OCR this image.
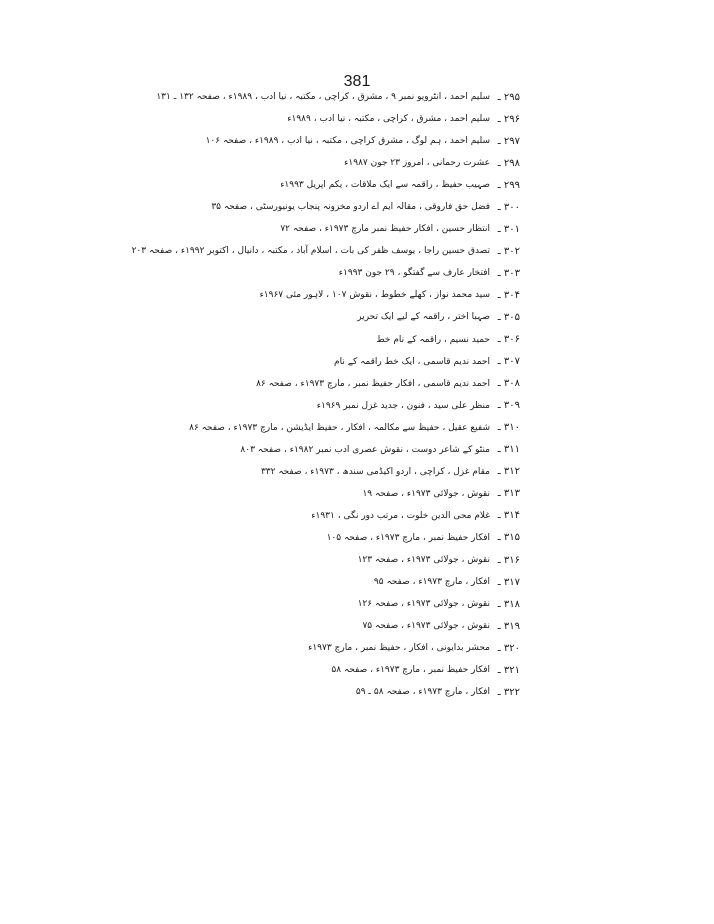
381
۲۹۵ ـ
سلیم احمد ، انٹرویو نمبر ۹ ، مشرق ، کراچی ، مکتبہ ، نیا ادب ، ۱۹۸۹ء ، صفحہ ۱۳۲ ـ ۱۳۱
۲۹۶ ـ
سلیم احمد ، مشرق ، کراچی ، مکتبہ ، نیا ادب ، ۱۹۸۹ء
۲۹۷ ـ
سلیم احمد ، ہم لوگ ، مشرق کراچی ، مکتبہ ، نیا ادب ، ۱۹۸۹ء ، صفحہ ۱۰۶
۲۹۸ ـ
عشرت رحمانی ، امروز ۲۳ جون ۱۹۸۷ء
۲۹۹ ـ
صہیب حفیظ ، راقمہ سے ایک ملاقات ، یکم اپریل ۱۹۹۳ء
۳۰۰ ـ
فضل حق فاروقی ، مقالہ ایم اے اردو مخزونہ پنجاب یونیورسٹی ، صفحہ ۳۵
۳۰۱ ـ
انتظار حسین ، افکار حفیظ نمبر مارچ ۱۹۷۳ء ، صفحہ ۷۲
۳۰۲ ـ
تصدق حسین راجا ، یوسف ظفر کی بات ، اسلام آباد ، مکتبہ ، دانیال ، اکتوبر ۱۹۹۲ء ، صفحہ ۲۰۳
۳۰۳ ـ
افتخار عارف سے گفتگو ، ۲۹ جون ۱۹۹۳ء
۳۰۴ ـ
سید محمد نواز ، کھلے خطوط ، نقوش ۱۰۷ ، لاہور مئی ۱۹۶۷ء
۳۰۵ ـ
صہبا اختر ، راقمہ کے لیے ایک تحریر
۳۰۶ ـ
حمید نسیم ، راقمہ کے نام خط
۳۰۷ ـ
احمد ندیم قاسمی ، ایک خط راقمہ کے نام
۳۰۸ ـ
احمد ندیم قاسمی ، افکار حفیظ نمبر ، مارچ ۱۹۷۳ء ، صفحہ ۸۶
۳۰۹ ـ
منظر علی سید ، فنون ، جدید غزل نمبر ۱۹۶۹ء
۳۱۰ ـ
شفیع عقیل ، حفیظ سے مکالمہ ، افکار ، حفیظ ایڈیشن ، مارچ ۱۹۷۳ء ، صفحہ ۸۶
۳۱۱ ـ
منٹو کے شاعر دوست ، نقوش عصری ادب نمبر ۱۹۸۲ء ، صفحہ ۸۰۳
۳۱۲ ـ
مقام غزل ، کراچی ، اردو اکیڈمی سندھ ، ۱۹۷۳ء ، صفحہ ۳۳۲
۳۱۳ ـ
نقوش ، جولائی ۱۹۷۳ء ، صفحہ ۱۹
۳۱۴ ـ
غلام محی الدین خلوت ، مرتب دور نگی ، ۱۹۳۱ء
۳۱۵ ـ
افکار حفیظ نمبر ، مارچ ۱۹۷۳ء ، صفحہ ۱۰۵
۳۱۶ ـ
نقوش ، جولائی ۱۹۷۳ء ، صفحہ ۱۲۳
۳۱۷ ـ
افکار ، مارچ ۱۹۷۳ء ، صفحہ ۹۵
۳۱۸ ـ
نقوش ، جولائی ۱۹۷۳ء ، صفحہ ۱۲۶
۳۱۹ ـ
نقوش ، جولائی ۱۹۷۳ء ، صفحہ ۷۵
۳۲۰ ـ
محشر بدایونی ، افکار ، حفیظ نمبر ، مارچ ۱۹۷۳ء
۳۲۱ ـ
افکار حفیظ نمبر ، مارچ ۱۹۷۳ء ، صفحہ ۵۸
۳۲۲ ـ
افکار ، مارچ ۱۹۷۳ء ، صفحہ ۵۸ ـ ۵۹
